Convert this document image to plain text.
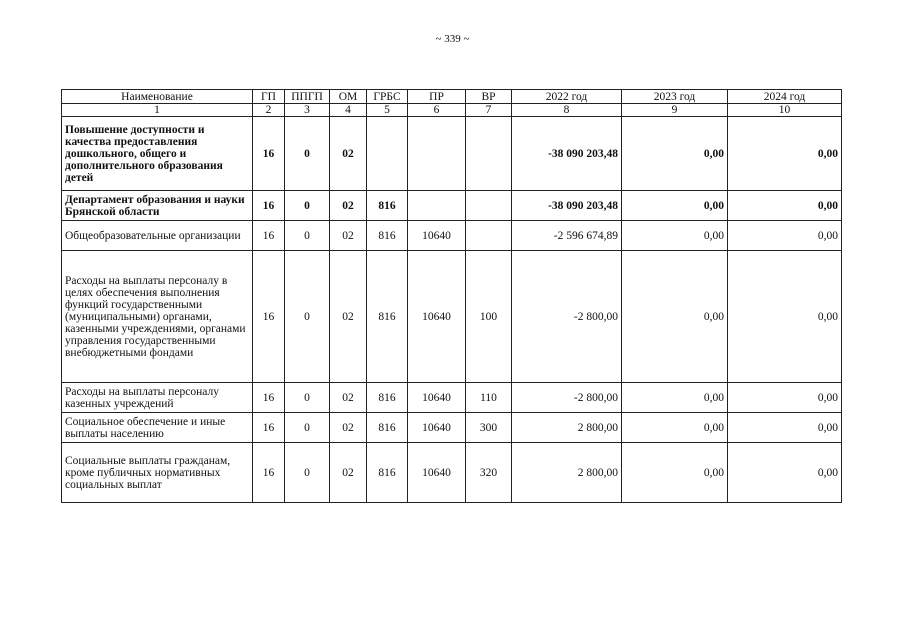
~ 339 ~
Наименование	ГП	ППГП	ОМ	ГРБС	ПР	ВР	2022 год	2023 год	2024 год
1	2	3	4	5	6	7	8	9	10
Повышение доступности и качества предоставления дошкольного, общего и дополнительного образования детей	16	0	02				-38 090 203,48	0,00	0,00
Департамент образования и науки Брянской области	16	0	02	816			-38 090 203,48	0,00	0,00
Общеобразовательные организации	16	0	02	816	10640		-2 596 674,89	0,00	0,00
Расходы на выплаты персоналу в целях обеспечения выполнения функций государственными (муниципальными) органами, казенными учреждениями, органами управления государственными внебюджетными фондами	16	0	02	816	10640	100	-2 800,00	0,00	0,00
Расходы на выплаты персоналу казенных учреждений	16	0	02	816	10640	110	-2 800,00	0,00	0,00
Социальное обеспечение и иные выплаты населению	16	0	02	816	10640	300	2 800,00	0,00	0,00
Социальные выплаты гражданам, кроме публичных нормативных социальных выплат	16	0	02	816	10640	320	2 800,00	0,00	0,00
